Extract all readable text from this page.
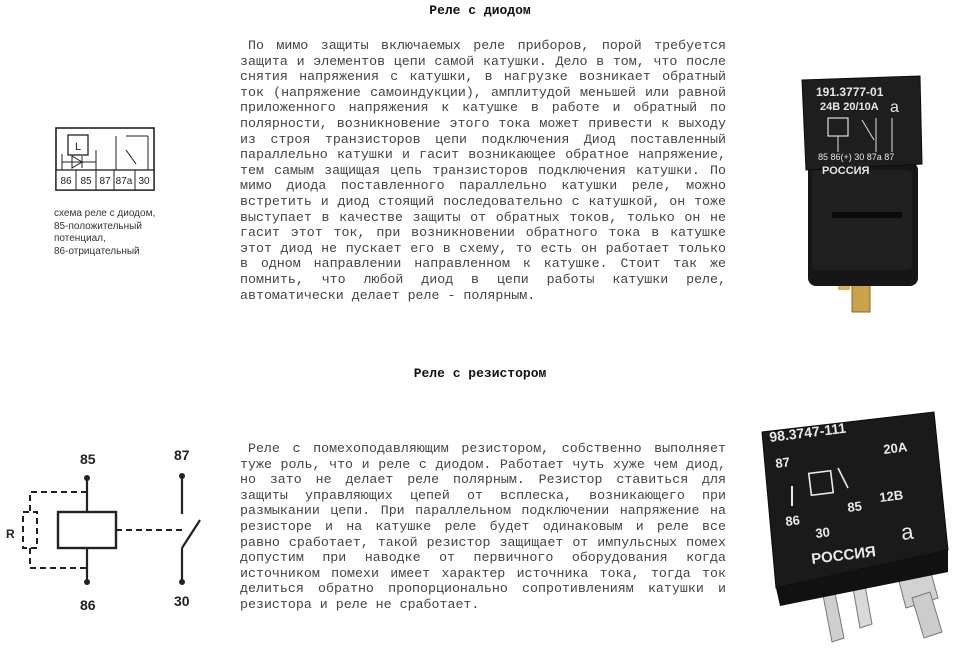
Реле с диодом
L
86 85 87 87a 30
схема реле с диодом,
85-положительный
потенциал,
86-отрицательный
По мимо защиты включаемых реле приборов, порой требуется защита и элементов цепи самой катушки. Дело в том, что после снятия напряжения с катушки, в нагрузке возникает обратный ток (напряжение самоиндукции), амплитудой меньшей или равной приложенного напряжения к катушке в работе и обратный по полярности, возникновение этого тока может привести к выходу из строя транзисторов цепи подключения Диод поставленный параллельно катушки и гасит возникающее обратное напряжение, тем самым защищая цепь транзисторов подключения катушки. По мимо диода поставленного параллельно катушки реле, можно встретить и диод стоящий последовательно с катушкой, он тоже выступает в качестве защиты от обратных токов, только он не гасит этот ток, при возникновении обратного тока в катушке этот диод не пускает его в схему, то есть он работает только в одном направлении направленном к катушке. Стоит так же помнить, что любой диод в цепи работы катушки реле, автоматически делает реле - полярным.
191.3777-01
24В 20/10А a
85 86(+) 30 87a 87
РОССИЯ
Реле с резистором
85
86
87
30
R
Реле с помехоподавляющим резистором, собственно выполняет туже роль, что и реле с диодом. Работает чуть хуже чем диод, но зато не делает реле полярным. Резистор ставиться для защиты управляющих цепей от всплеска, возникающего при размыкании цепи. При параллельном подключении напряжение на резисторе и на катушке реле будет одинаковым и реле все равно сработает, такой резистор защищает от импульсных помех допустим при наводке от первичного оборудования когда источником помехи имеет характер источника тока, тогда ток делиться обратно пропорционально сопротивлениям катушки и резистора и реле не сработает.
98.3747-111
87
20А
86
85
12В
30
РОССИЯ
a
